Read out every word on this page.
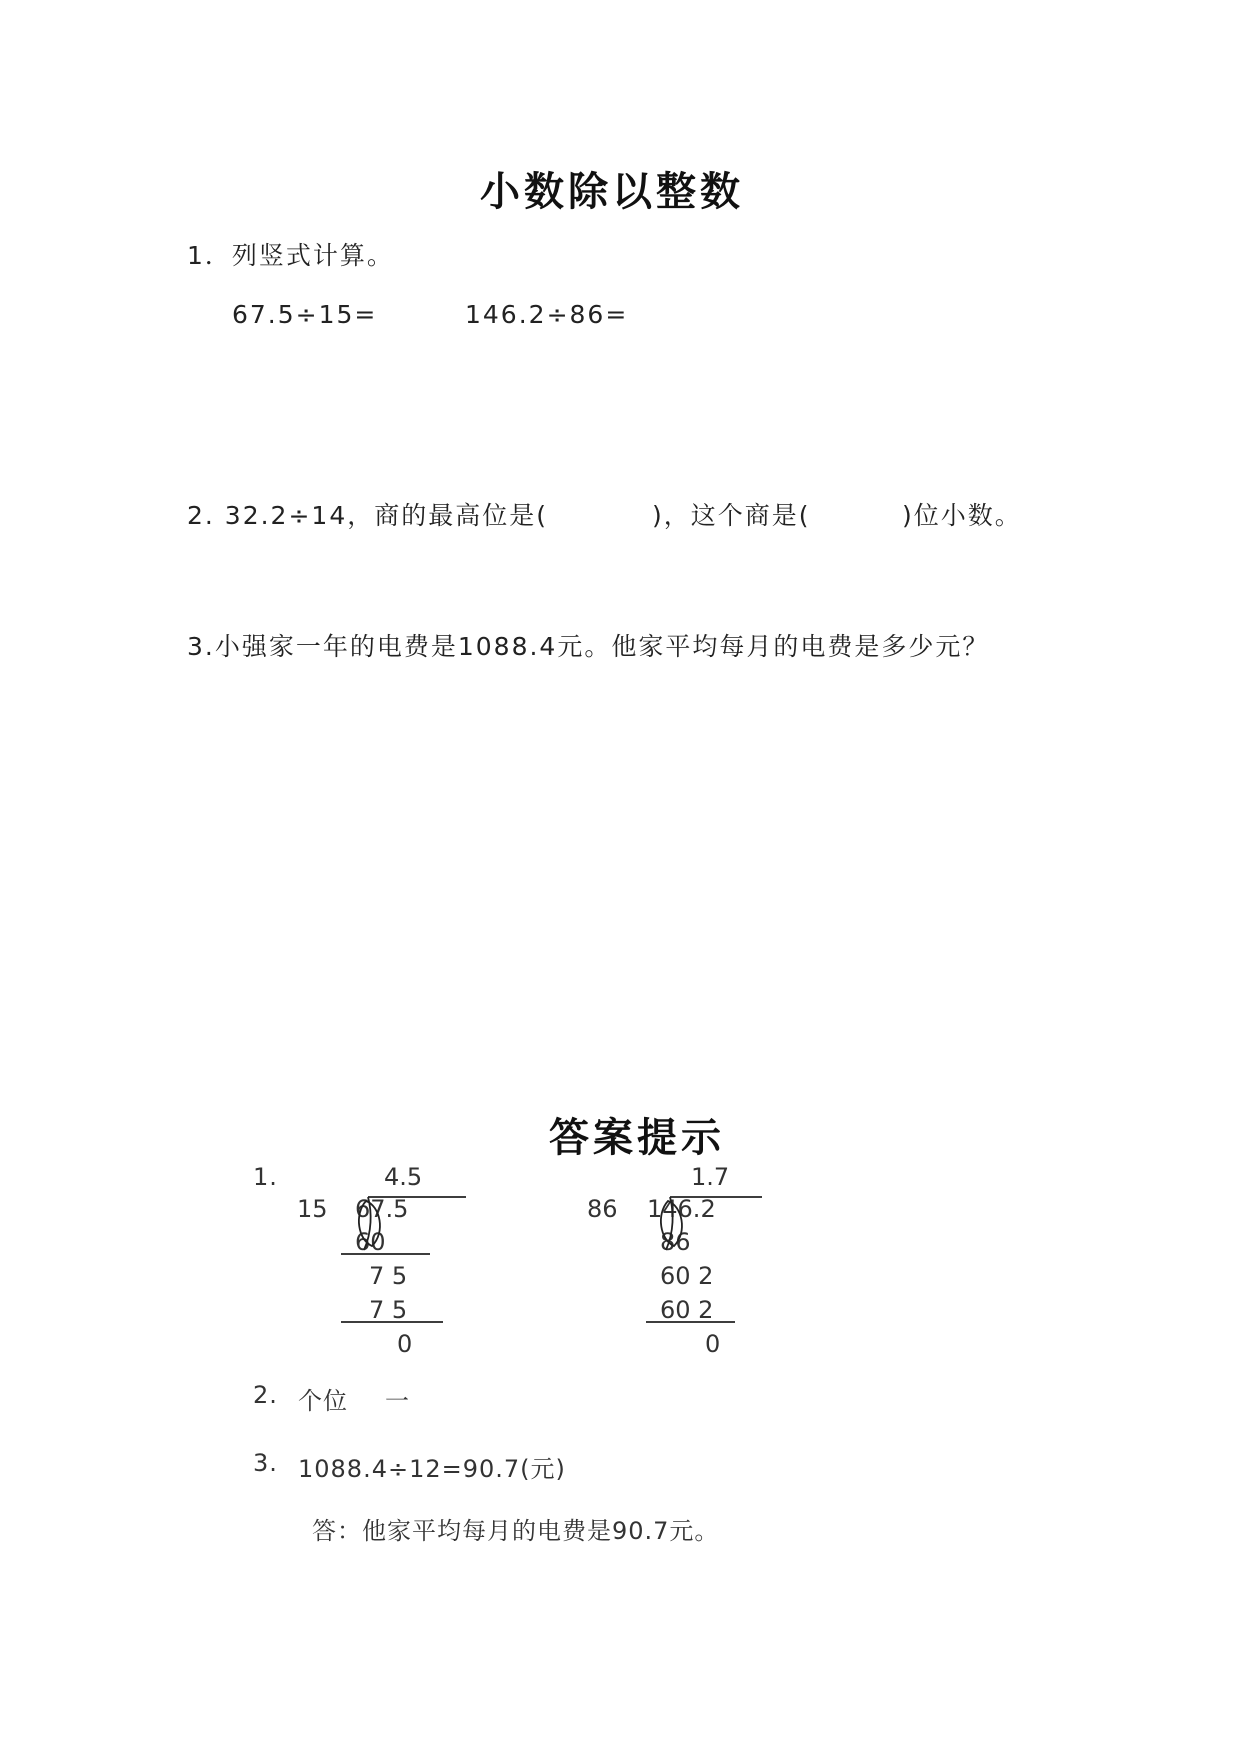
小数除以整数
1．列竖式计算。
67.5÷15=	146.2÷86=
2. 32.2÷14，商的最高位是(	)，这个商是(	)位小数。
3.小强家一年的电费是1088.4元。他家平均每月的电费是多少元？
答案提示
1.	4.5
15 67.5
60
7 5
7 5
0
1.7
86 146.2
86
60 2
60 2
0
2. 个位 一
3. 1088.4÷12=90.7(元)
答：他家平均每月的电费是90.7元。
